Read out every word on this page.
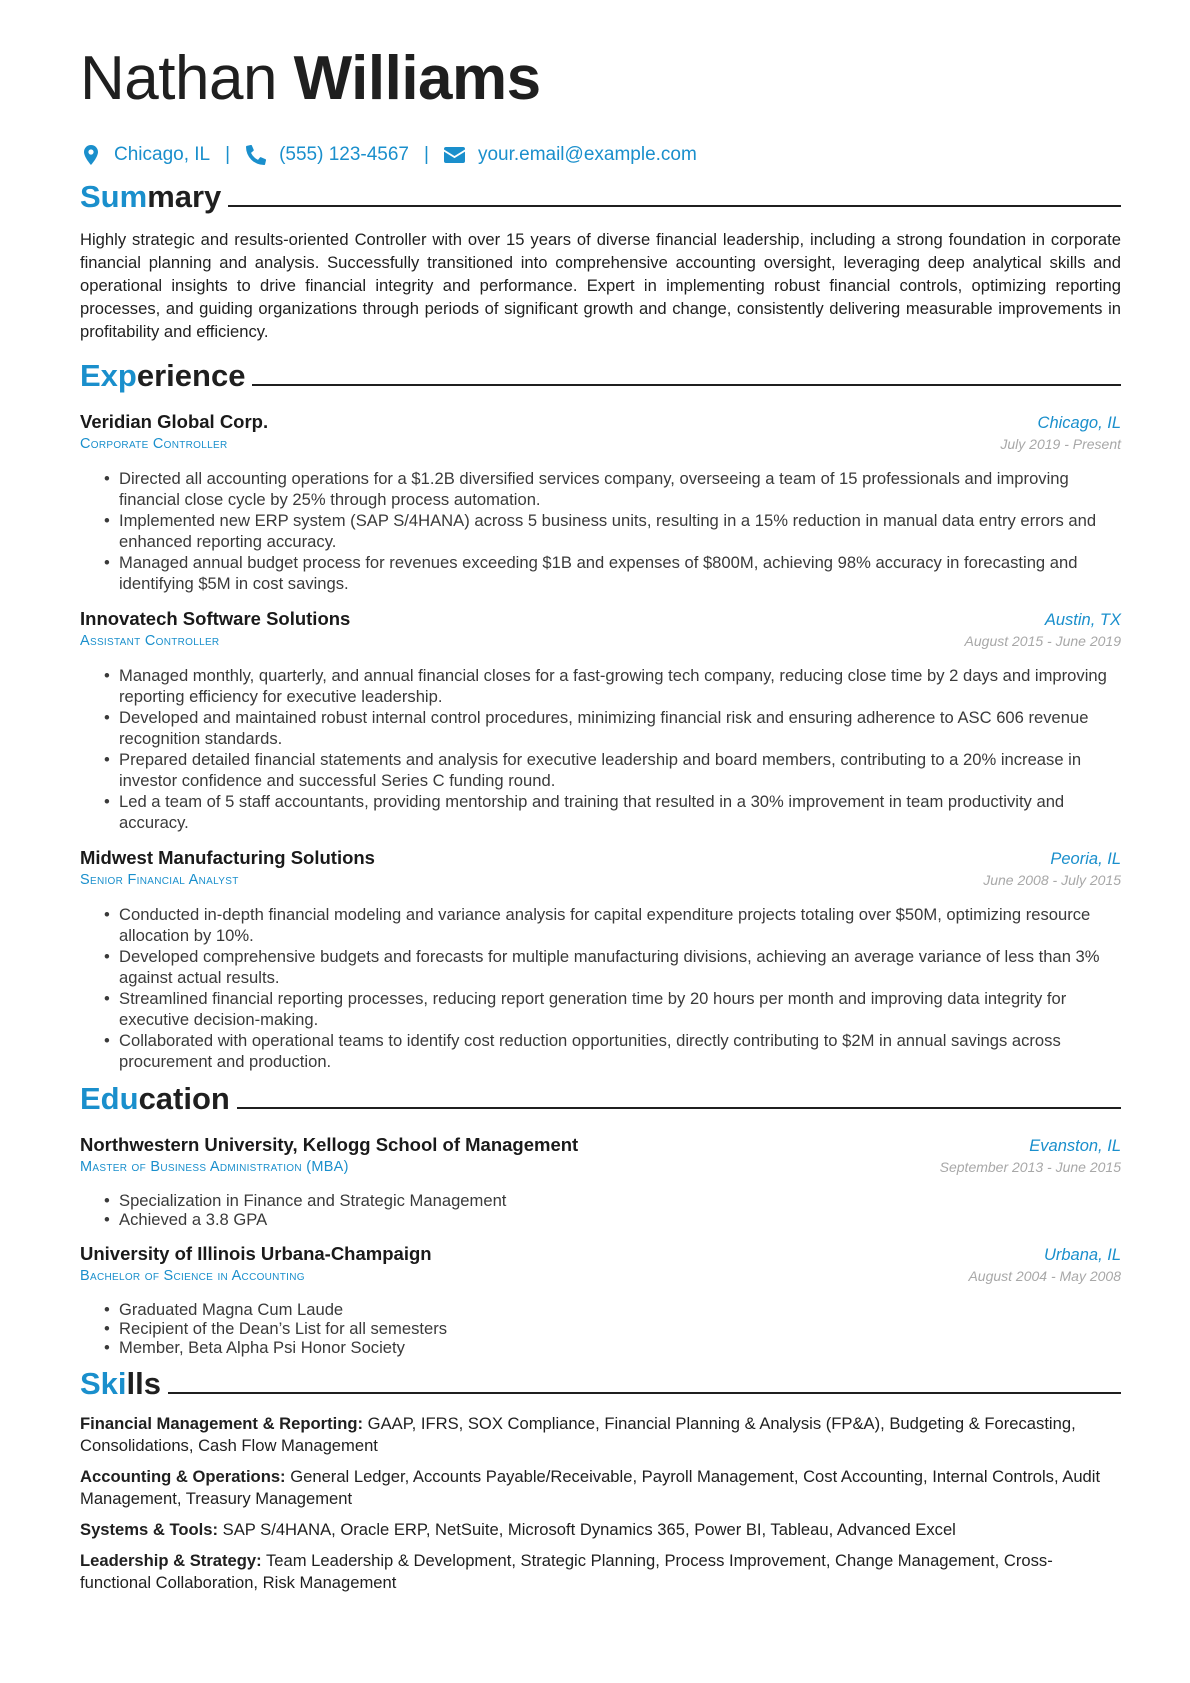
Nathan Williams
Chicago, IL |	(555) 123-4567 |	your.email@example.com
Summary

Highly strategic and results-oriented Controller with over 15 years of diverse financial leadership, including a strong foundation in corporate financial planning and analysis. Successfully transitioned into comprehensive accounting oversight, leveraging deep analytical skills and operational insights to drive financial integrity and performance. Expert in implementing robust financial controls, optimizing reporting processes, and guiding organizations through periods of significant growth and change, consistently delivering measurable improvements in profitability and efficiency.

Experience
Veridian Global Corp.	Chicago, IL
Corporate Controller	July 2019 - Present
• Directed all accounting operations for a $1.2B diversified services company, overseeing a team of 15 professionals and improving financial close cycle by 25% through process automation.
• Implemented new ERP system (SAP S/4HANA) across 5 business units, resulting in a 15% reduction in manual data entry errors and enhanced reporting accuracy.
• Managed annual budget process for revenues exceeding $1B and expenses of $800M, achieving 98% accuracy in forecasting and identifying $5M in cost savings.
Innovatech Software Solutions	Austin, TX
Assistant Controller	August 2015 - June 2019
• Managed monthly, quarterly, and annual financial closes for a fast-growing tech company, reducing close time by 2 days and improving reporting efficiency for executive leadership.
• Developed and maintained robust internal control procedures, minimizing financial risk and ensuring adherence to ASC 606 revenue recognition standards.
• Prepared detailed financial statements and analysis for executive leadership and board members, contributing to a 20% increase in investor confidence and successful Series C funding round.
• Led a team of 5 staff accountants, providing mentorship and training that resulted in a 30% improvement in team productivity and accuracy.
Midwest Manufacturing Solutions	Peoria, IL
Senior Financial Analyst	June 2008 - July 2015
• Conducted in-depth financial modeling and variance analysis for capital expenditure projects totaling over $50M, optimizing resource allocation by 10%.
• Developed comprehensive budgets and forecasts for multiple manufacturing divisions, achieving an average variance of less than 3% against actual results.
• Streamlined financial reporting processes, reducing report generation time by 20 hours per month and improving data integrity for executive decision-making.
• Collaborated with operational teams to identify cost reduction opportunities, directly contributing to $2M in annual savings across procurement and production.
Education
Northwestern University, Kellogg School of Management	Evanston, IL
Master of Business Administration (MBA)	September 2013 - June 2015
• Specialization in Finance and Strategic Management
• Achieved a 3.8 GPA
University of Illinois Urbana-Champaign	Urbana, IL
Bachelor of Science in Accounting	August 2004 - May 2008
• Graduated Magna Cum Laude
• Recipient of the Dean’s List for all semesters
• Member, Beta Alpha Psi Honor Society
Skills

Financial Management & Reporting: GAAP, IFRS, SOX Compliance, Financial Planning & Analysis (FP&A), Budgeting & Forecasting, Consolidations, Cash Flow Management

Accounting & Operations: General Ledger, Accounts Payable/Receivable, Payroll Management, Cost Accounting, Internal Controls, Audit Management, Treasury Management

Systems & Tools: SAP S/4HANA, Oracle ERP, NetSuite, Microsoft Dynamics 365, Power BI, Tableau, Advanced Excel

Leadership & Strategy: Team Leadership & Development, Strategic Planning, Process Improvement, Change Management, Cross-functional Collaboration, Risk Management
